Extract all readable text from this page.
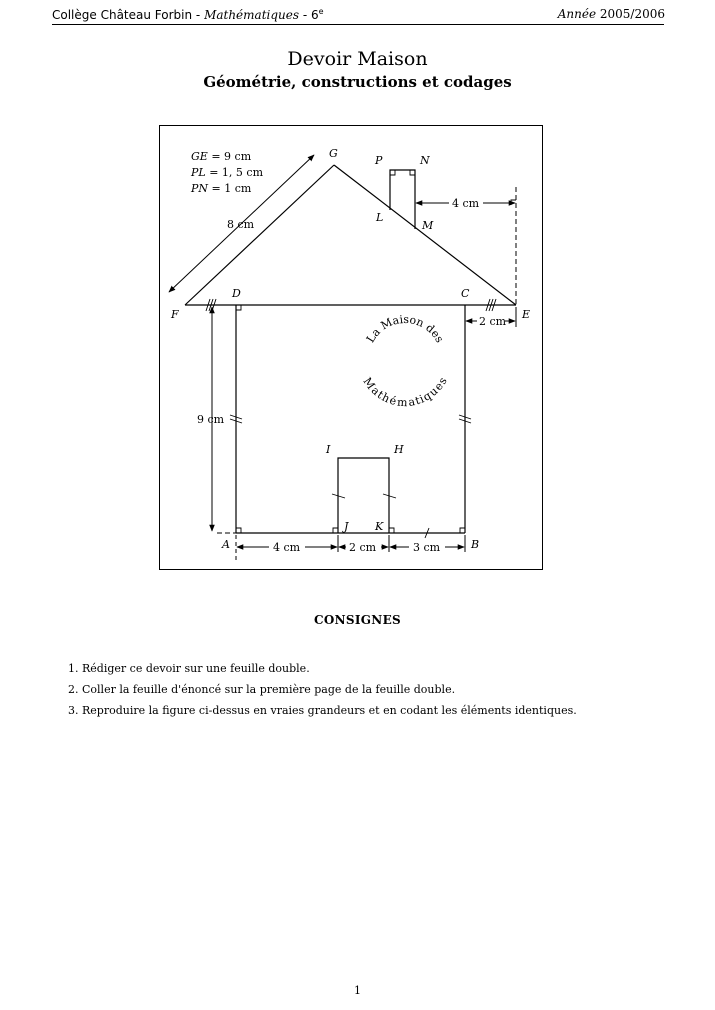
Collège Château Forbin - Mathématiques - 6e	Année 2005/2006
Devoir Maison
Géométrie, constructions et codages
G
P	N
L
M
D	C
F	E
I	H
J K
A	B
GE = 9 cm
PL = 1, 5 cm
PN = 1 cm
8 cm
4 cm
2 cm
9 cm
4 cm	2 cm	3 cm
La Maison des
Mathématiques
CONSIGNES
1. Rédiger ce devoir sur une feuille double.
2. Coller la feuille d'énoncé sur la première page de la feuille double.
3. Reproduire la figure ci-dessus en vraies grandeurs et en codant les éléments identiques.
1
